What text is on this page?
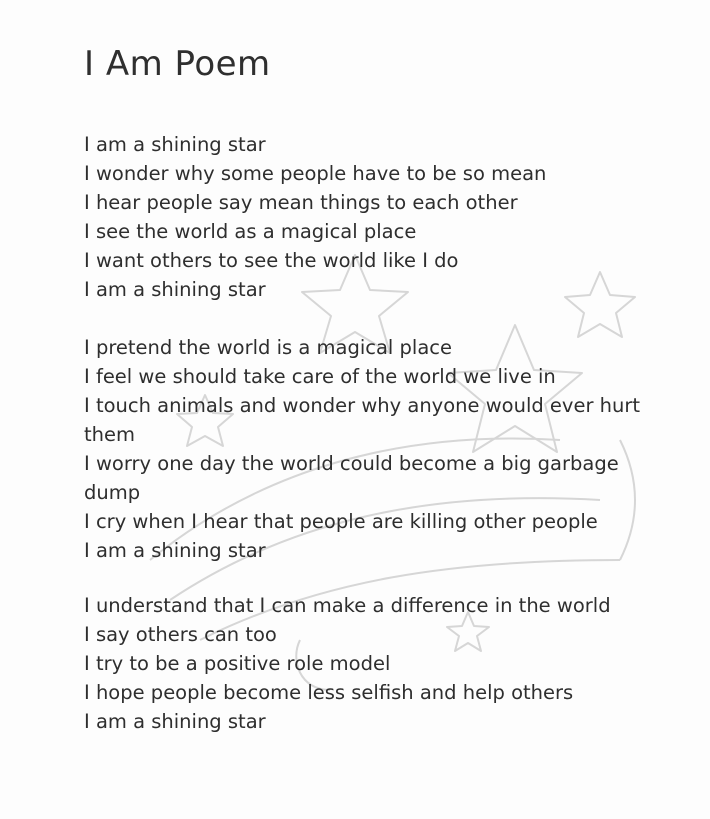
I Am Poem
I am a shining star
I wonder why some people have to be so mean
I hear people say mean things to each other
I see the world as a magical place
I want others to see the world like I do
I am a shining star
I pretend the world is a magical place
I feel we should take care of the world we live in
I touch animals and wonder why anyone would ever hurt
them
I worry one day the world could become a big garbage
dump
I cry when I hear that people are killing other people
I am a shining star
I understand that I can make a difference in the world
I say others can too
I try to be a positive role model
I hope people become less selfish and help others
I am a shining star
